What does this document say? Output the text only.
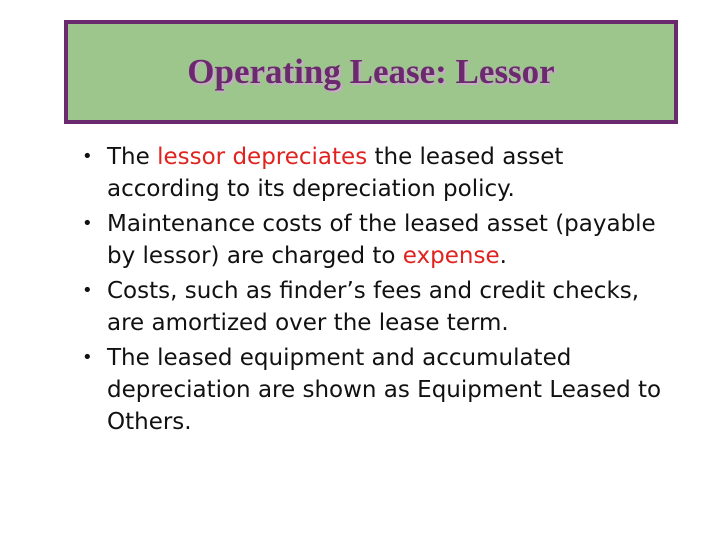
Operating Lease: Lessor
• The lessor depreciates the leased asset according to its depreciation policy.
• Maintenance costs of the leased asset (payable by lessor) are charged to expense.
• Costs, such as finder’s fees and credit checks, are amortized over the lease term.
• The leased equipment and accumulated depreciation are shown as Equipment Leased to Others.
